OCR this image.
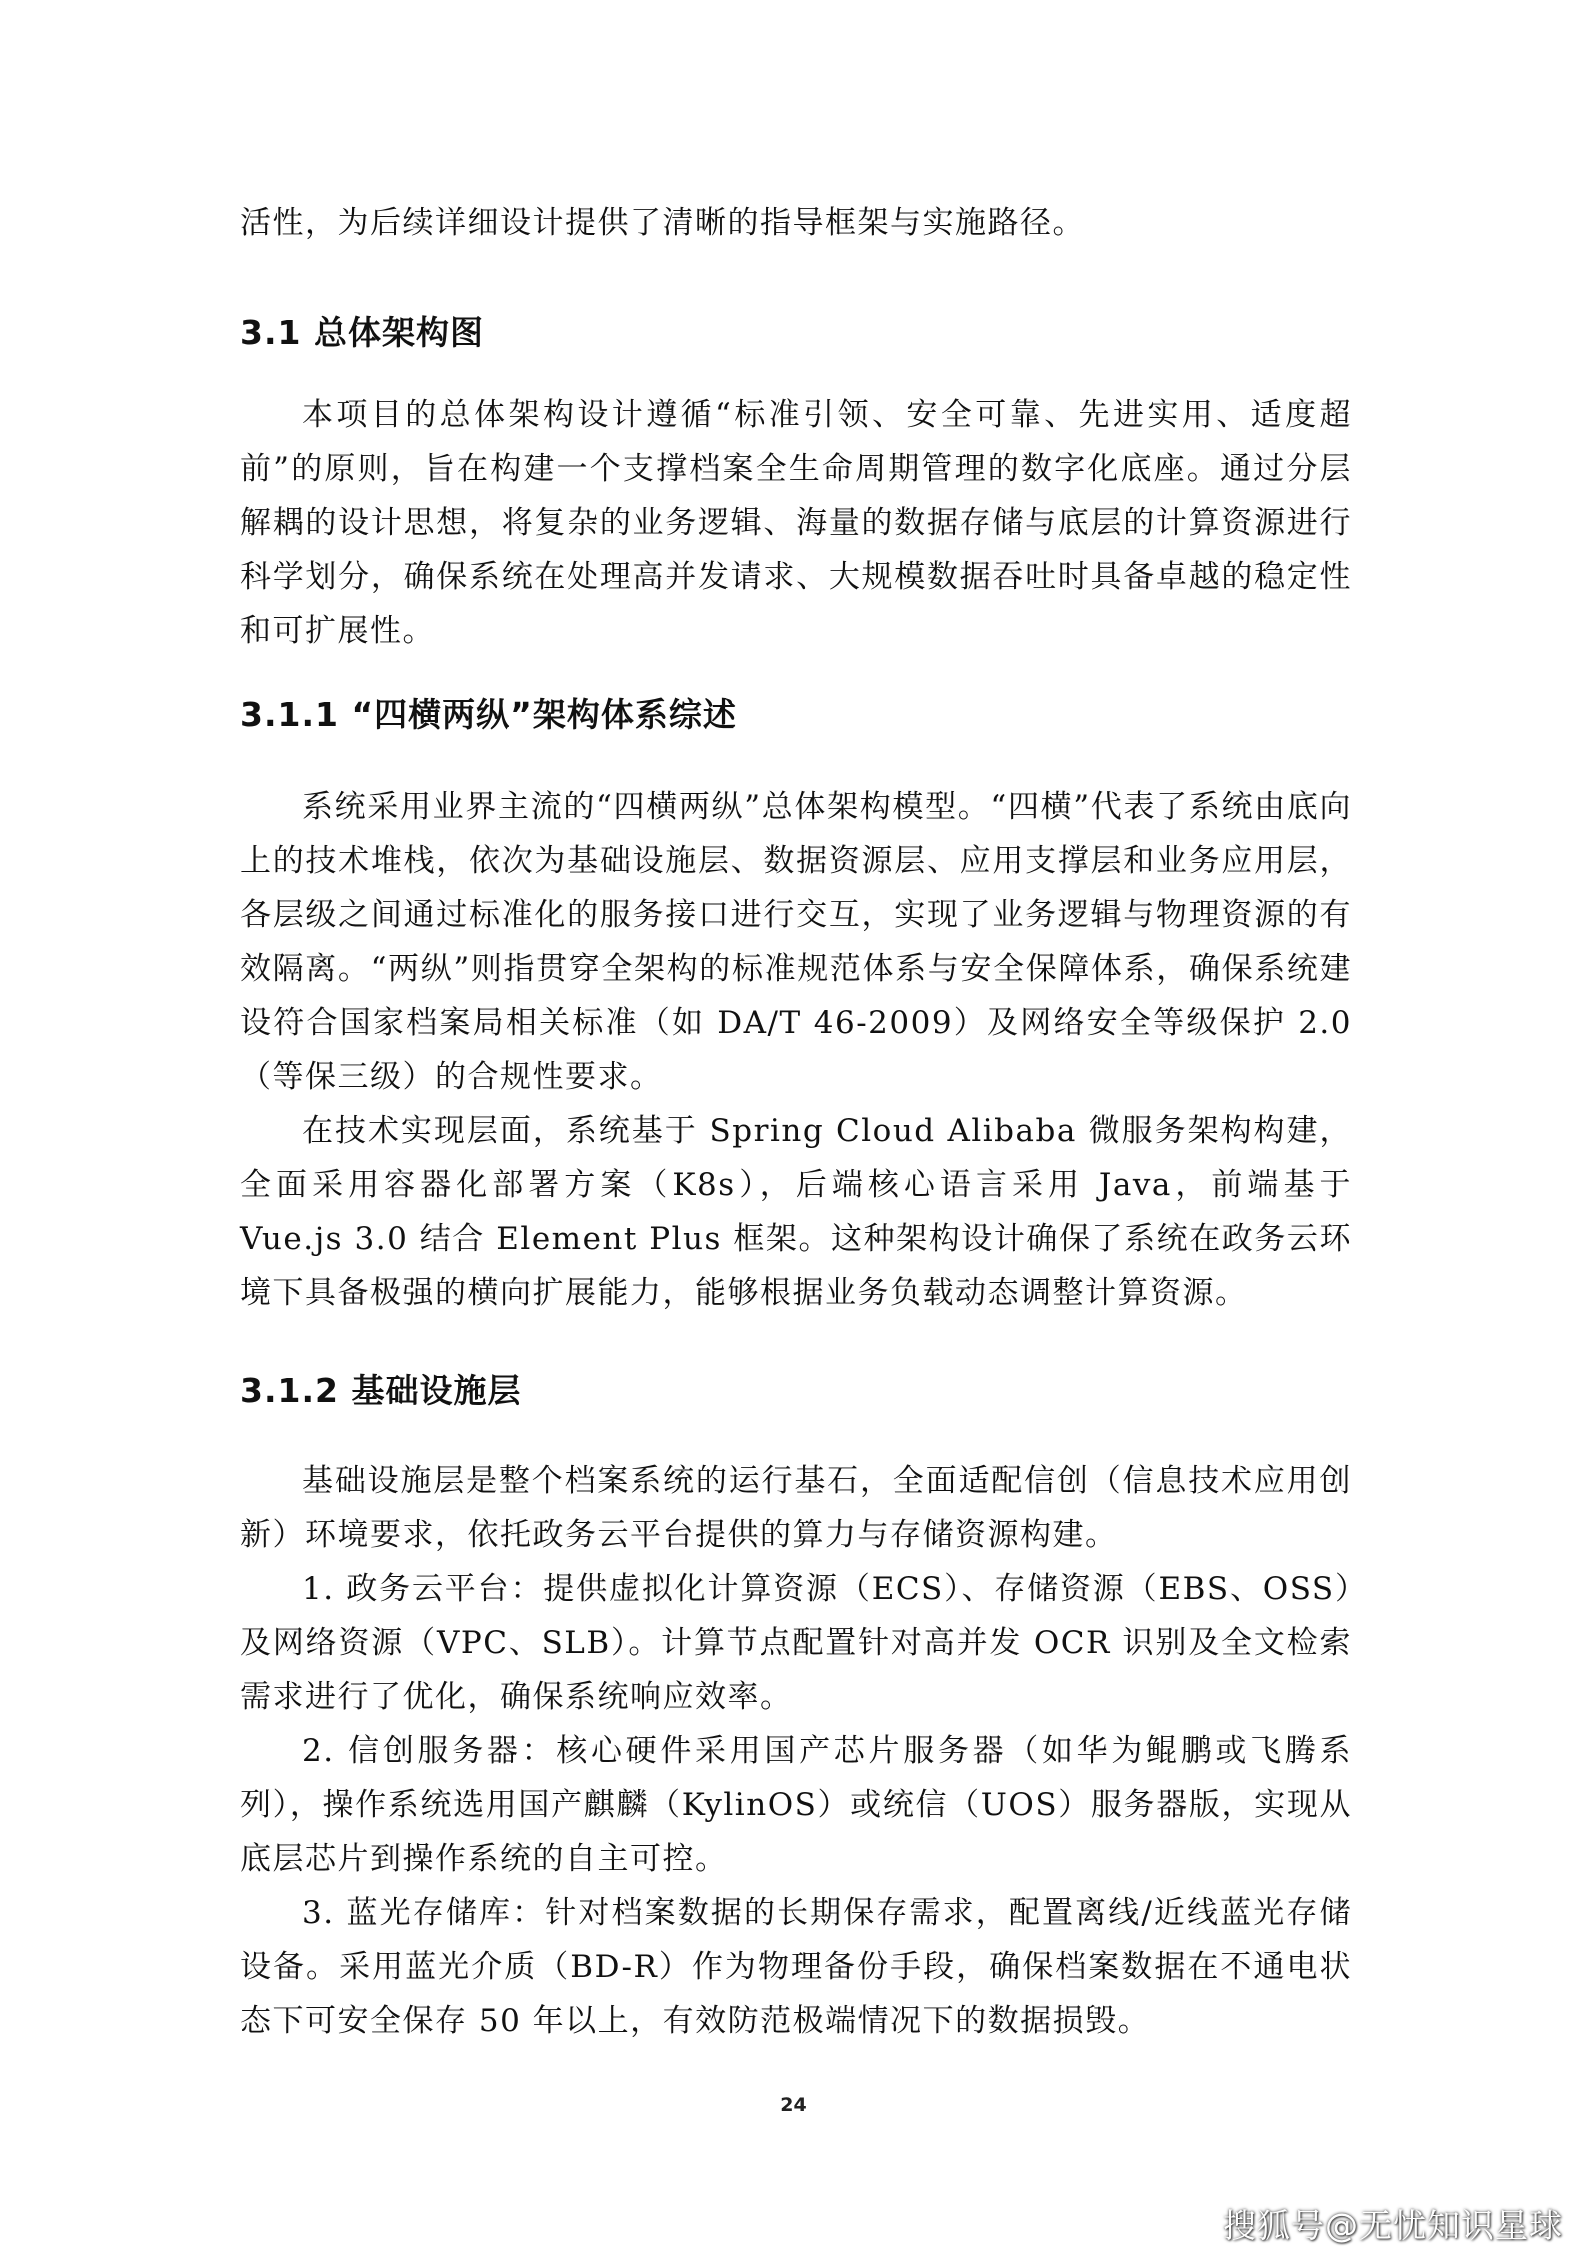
活性，为后续详细设计提供了清晰的指导框架与实施路径。

3.1 总体架构图

本项目的总体架构设计遵循“标准引领、安全可靠、先进实用、适度超前”的原则，旨在构建一个支撑档案全生命周期管理的数字化底座。通过分层解耦的设计思想，将复杂的业务逻辑、海量的数据存储与底层的计算资源进行科学划分，确保系统在处理高并发请求、大规模数据吞吐时具备卓越的稳定性和可扩展性。

3.1.1 “四横两纵”架构体系综述

系统采用业界主流的“四横两纵”总体架构模型。“四横”代表了系统由底向上的技术堆栈，依次为基础设施层、数据资源层、应用支撑层和业务应用层，各层级之间通过标准化的服务接口进行交互，实现了业务逻辑与物理资源的有效隔离。“两纵”则指贯穿全架构的标准规范体系与安全保障体系，确保系统建设符合国家档案局相关标准（如 DA/T 46-2009）及网络安全等级保护 2.0（等保三级）的合规性要求。

在技术实现层面，系统基于 Spring Cloud Alibaba 微服务架构构建，全面采用容器化部署方案（K8s），后端核心语言采用 Java，前端基于 Vue.js 3.0 结合 Element Plus 框架。这种架构设计确保了系统在政务云环境下具备极强的横向扩展能力，能够根据业务负载动态调整计算资源。

3.1.2 基础设施层

基础设施层是整个档案系统的运行基石，全面适配信创（信息技术应用创新）环境要求，依托政务云平台提供的算力与存储资源构建。

1. 政务云平台：提供虚拟化计算资源（ECS）、存储资源（EBS、OSS）及网络资源（VPC、SLB）。计算节点配置针对高并发 OCR 识别及全文检索需求进行了优化，确保系统响应效率。

2. 信创服务器：核心硬件采用国产芯片服务器（如华为鲲鹏或飞腾系列），操作系统选用国产麒麟（KylinOS）或统信（UOS）服务器版，实现从底层芯片到操作系统的自主可控。

3. 蓝光存储库：针对档案数据的长期保存需求，配置离线/近线蓝光存储设备。采用蓝光介质（BD-R）作为物理备份手段，确保档案数据在不通电状态下可安全保存 50 年以上，有效防范极端情况下的数据损毁。

24
搜狐号@无忧知识星球
